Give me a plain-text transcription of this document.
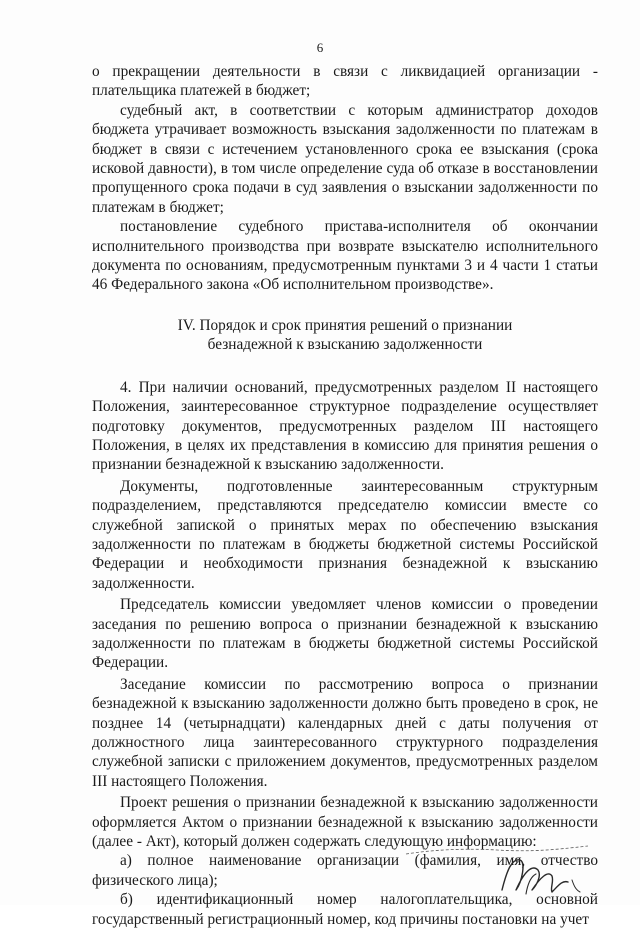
6

о прекращении деятельности в связи с ликвидацией организации - плательщика платежей в бюджет;

судебный акт, в соответствии с которым администратор доходов бюджета утрачивает возможность взыскания задолженности по платежам в бюджет в связи с истечением установленного срока ее взыскания (срока исковой давности), в том числе определение суда об отказе в восстановлении пропущенного срока подачи в суд заявления о взыскании задолженности по платежам в бюджет;

постановление судебного пристава-исполнителя об окончании исполнительного производства при возврате взыскателю исполнительного документа по основаниям, предусмотренным пунктами 3 и 4 части 1 статьи 46 Федерального закона «Об исполнительном производстве».

IV. Порядок и срок принятия решений о признании
безнадежной к взысканию задолженности

4. При наличии оснований, предусмотренных разделом II настоящего Положения, заинтересованное структурное подразделение осуществляет подготовку документов, предусмотренных разделом III настоящего Положения, в целях их представления в комиссию для принятия решения о признании безнадежной к взысканию задолженности.

Документы, подготовленные заинтересованным структурным подразделением, представляются председателю комиссии вместе со служебной запиской о принятых мерах по обеспечению взыскания задолженности по платежам в бюджеты бюджетной системы Российской Федерации и необходимости признания безнадежной к взысканию задолженности.

Председатель комиссии уведомляет членов комиссии о проведении заседания по решению вопроса о признании безнадежной к взысканию задолженности по платежам в бюджеты бюджетной системы Российской Федерации.

Заседание комиссии по рассмотрению вопроса о признании безнадежной к взысканию задолженности должно быть проведено в срок, не позднее 14 (четырнадцати) календарных дней с даты получения от должностного лица заинтересованного структурного подразделения служебной записки с приложением документов, предусмотренных разделом III настоящего Положения.

Проект решения о признании безнадежной к взысканию задолженности оформляется Актом о признании безнадежной к взысканию задолженности (далее - Акт), который должен содержать следующую информацию:

а) полное наименование организации (фамилия, имя, отчество физического лица);

б) идентификационный номер налогоплательщика, основной государственный регистрационный номер, код причины постановки на учет
